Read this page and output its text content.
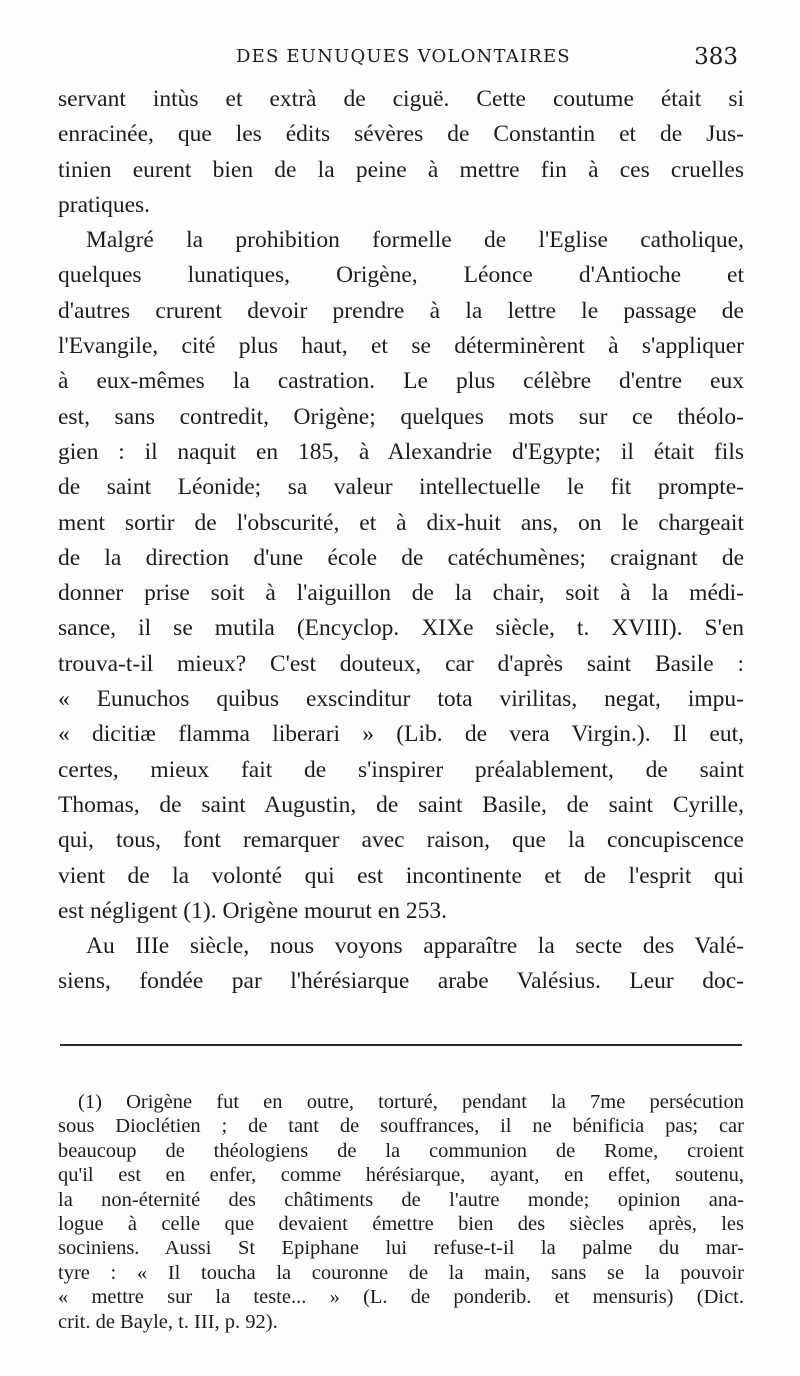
DES EUNUQUES VOLONTAIRES	383
servant intùs et extrà de ciguë. Cette coutume était si
enracinée, que les édits sévères de Constantin et de Jus-
tinien eurent bien de la peine à mettre fin à ces cruelles
pratiques.
Malgré la prohibition formelle de l'Eglise catholique,
quelques lunatiques, Origène, Léonce d'Antioche et
d'autres crurent devoir prendre à la lettre le passage de
l'Evangile, cité plus haut, et se déterminèrent à s'appliquer
à eux-mêmes la castration. Le plus célèbre d'entre eux
est, sans contredit, Origène; quelques mots sur ce théolo-
gien : il naquit en 185, à Alexandrie d'Egypte; il était fils
de saint Léonide; sa valeur intellectuelle le fit prompte-
ment sortir de l'obscurité, et à dix-huit ans, on le chargeait
de la direction d'une école de catéchumènes; craignant de
donner prise soit à l'aiguillon de la chair, soit à la médi-
sance, il se mutila (Encyclop. XIXe siècle, t. XVIII). S'en
trouva-t-il mieux? C'est douteux, car d'après saint Basile :
« Eunuchos quibus exscinditur tota virilitas, negat, impu-
« dicitiæ flamma liberari » (Lib. de vera Virgin.). Il eut,
certes, mieux fait de s'inspirer préalablement, de saint
Thomas, de saint Augustin, de saint Basile, de saint Cyrille,
qui, tous, font remarquer avec raison, que la concupiscence
vient de la volonté qui est incontinente et de l'esprit qui
est négligent (1). Origène mourut en 253.
Au IIIe siècle, nous voyons apparaître la secte des Valé-
siens, fondée par l'hérésiarque arabe Valésius. Leur doc-
(1) Origène fut en outre, torturé, pendant la 7me persécution
sous Dioclétien ; de tant de souffrances, il ne bénificia pas; car
beaucoup de théologiens de la communion de Rome, croient
qu'il est en enfer, comme hérésiarque, ayant, en effet, soutenu,
la non-éternité des châtiments de l'autre monde; opinion ana-
logue à celle que devaient émettre bien des siècles après, les
sociniens. Aussi St Epiphane lui refuse-t-il la palme du mar-
tyre : « Il toucha la couronne de la main, sans se la pouvoir
« mettre sur la teste... » (L. de ponderib. et mensuris) (Dict.
crit. de Bayle, t. III, p. 92).
